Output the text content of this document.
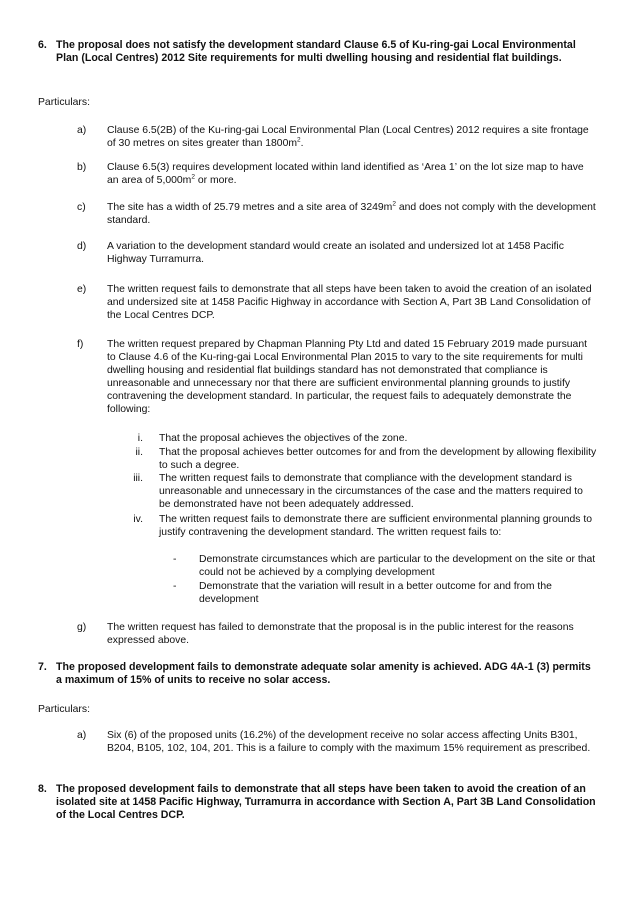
6. The proposal does not satisfy the development standard Clause 6.5 of Ku-ring-gai Local Environmental Plan (Local Centres) 2012 Site requirements for multi dwelling housing and residential flat buildings.
Particulars:
a) Clause 6.5(2B) of the Ku-ring-gai Local Environmental Plan (Local Centres) 2012 requires a site frontage of 30 metres on sites greater than $1800m^2$.
b) Clause 6.5(3) requires development located within land identified as ‘Area 1’ on the lot size map to have an area of $5,000m^2$ or more.
c) The site has a width of 25.79 metres and a site area of $3249m^2$ and does not comply with the development standard.
d) A variation to the development standard would create an isolated and undersized lot at 1458 Pacific Highway Turramurra.
e) The written request fails to demonstrate that all steps have been taken to avoid the creation of an isolated and undersized site at 1458 Pacific Highway in accordance with Section A, Part 3B Land Consolidation of the Local Centres DCP.
f) The written request prepared by Chapman Planning Pty Ltd and dated 15 February 2019 made pursuant to Clause 4.6 of the Ku-ring-gai Local Environmental Plan 2015 to vary to the site requirements for multi dwelling housing and residential flat buildings standard has not demonstrated that compliance is unreasonable and unnecessary nor that there are sufficient environmental planning grounds to justify contravening the development standard. In particular, the request fails to adequately demonstrate the following:
i. That the proposal achieves the objectives of the zone.
ii. That the proposal achieves better outcomes for and from the development by allowing flexibility to such a degree.
iii. The written request fails to demonstrate that compliance with the development standard is unreasonable and unnecessary in the circumstances of the case and the matters required to be demonstrated have not been adequately addressed.
iv. The written request fails to demonstrate there are sufficient environmental planning grounds to justify contravening the development standard. The written request fails to:
- Demonstrate circumstances which are particular to the development on the site or that could not be achieved by a complying development
- Demonstrate that the variation will result in a better outcome for and from the development
g) The written request has failed to demonstrate that the proposal is in the public interest for the reasons expressed above.
7. The proposed development fails to demonstrate adequate solar amenity is achieved. ADG 4A-1 (3) permits a maximum of 15% of units to receive no solar access.
Particulars:
a) Six (6) of the proposed units (16.2%) of the development receive no solar access affecting Units B301, B204, B105, 102, 104, 201. This is a failure to comply with the maximum 15% requirement as prescribed.
8. The proposed development fails to demonstrate that all steps have been taken to avoid the creation of an isolated site at 1458 Pacific Highway, Turramurra in accordance with Section A, Part 3B Land Consolidation of the Local Centres DCP.
